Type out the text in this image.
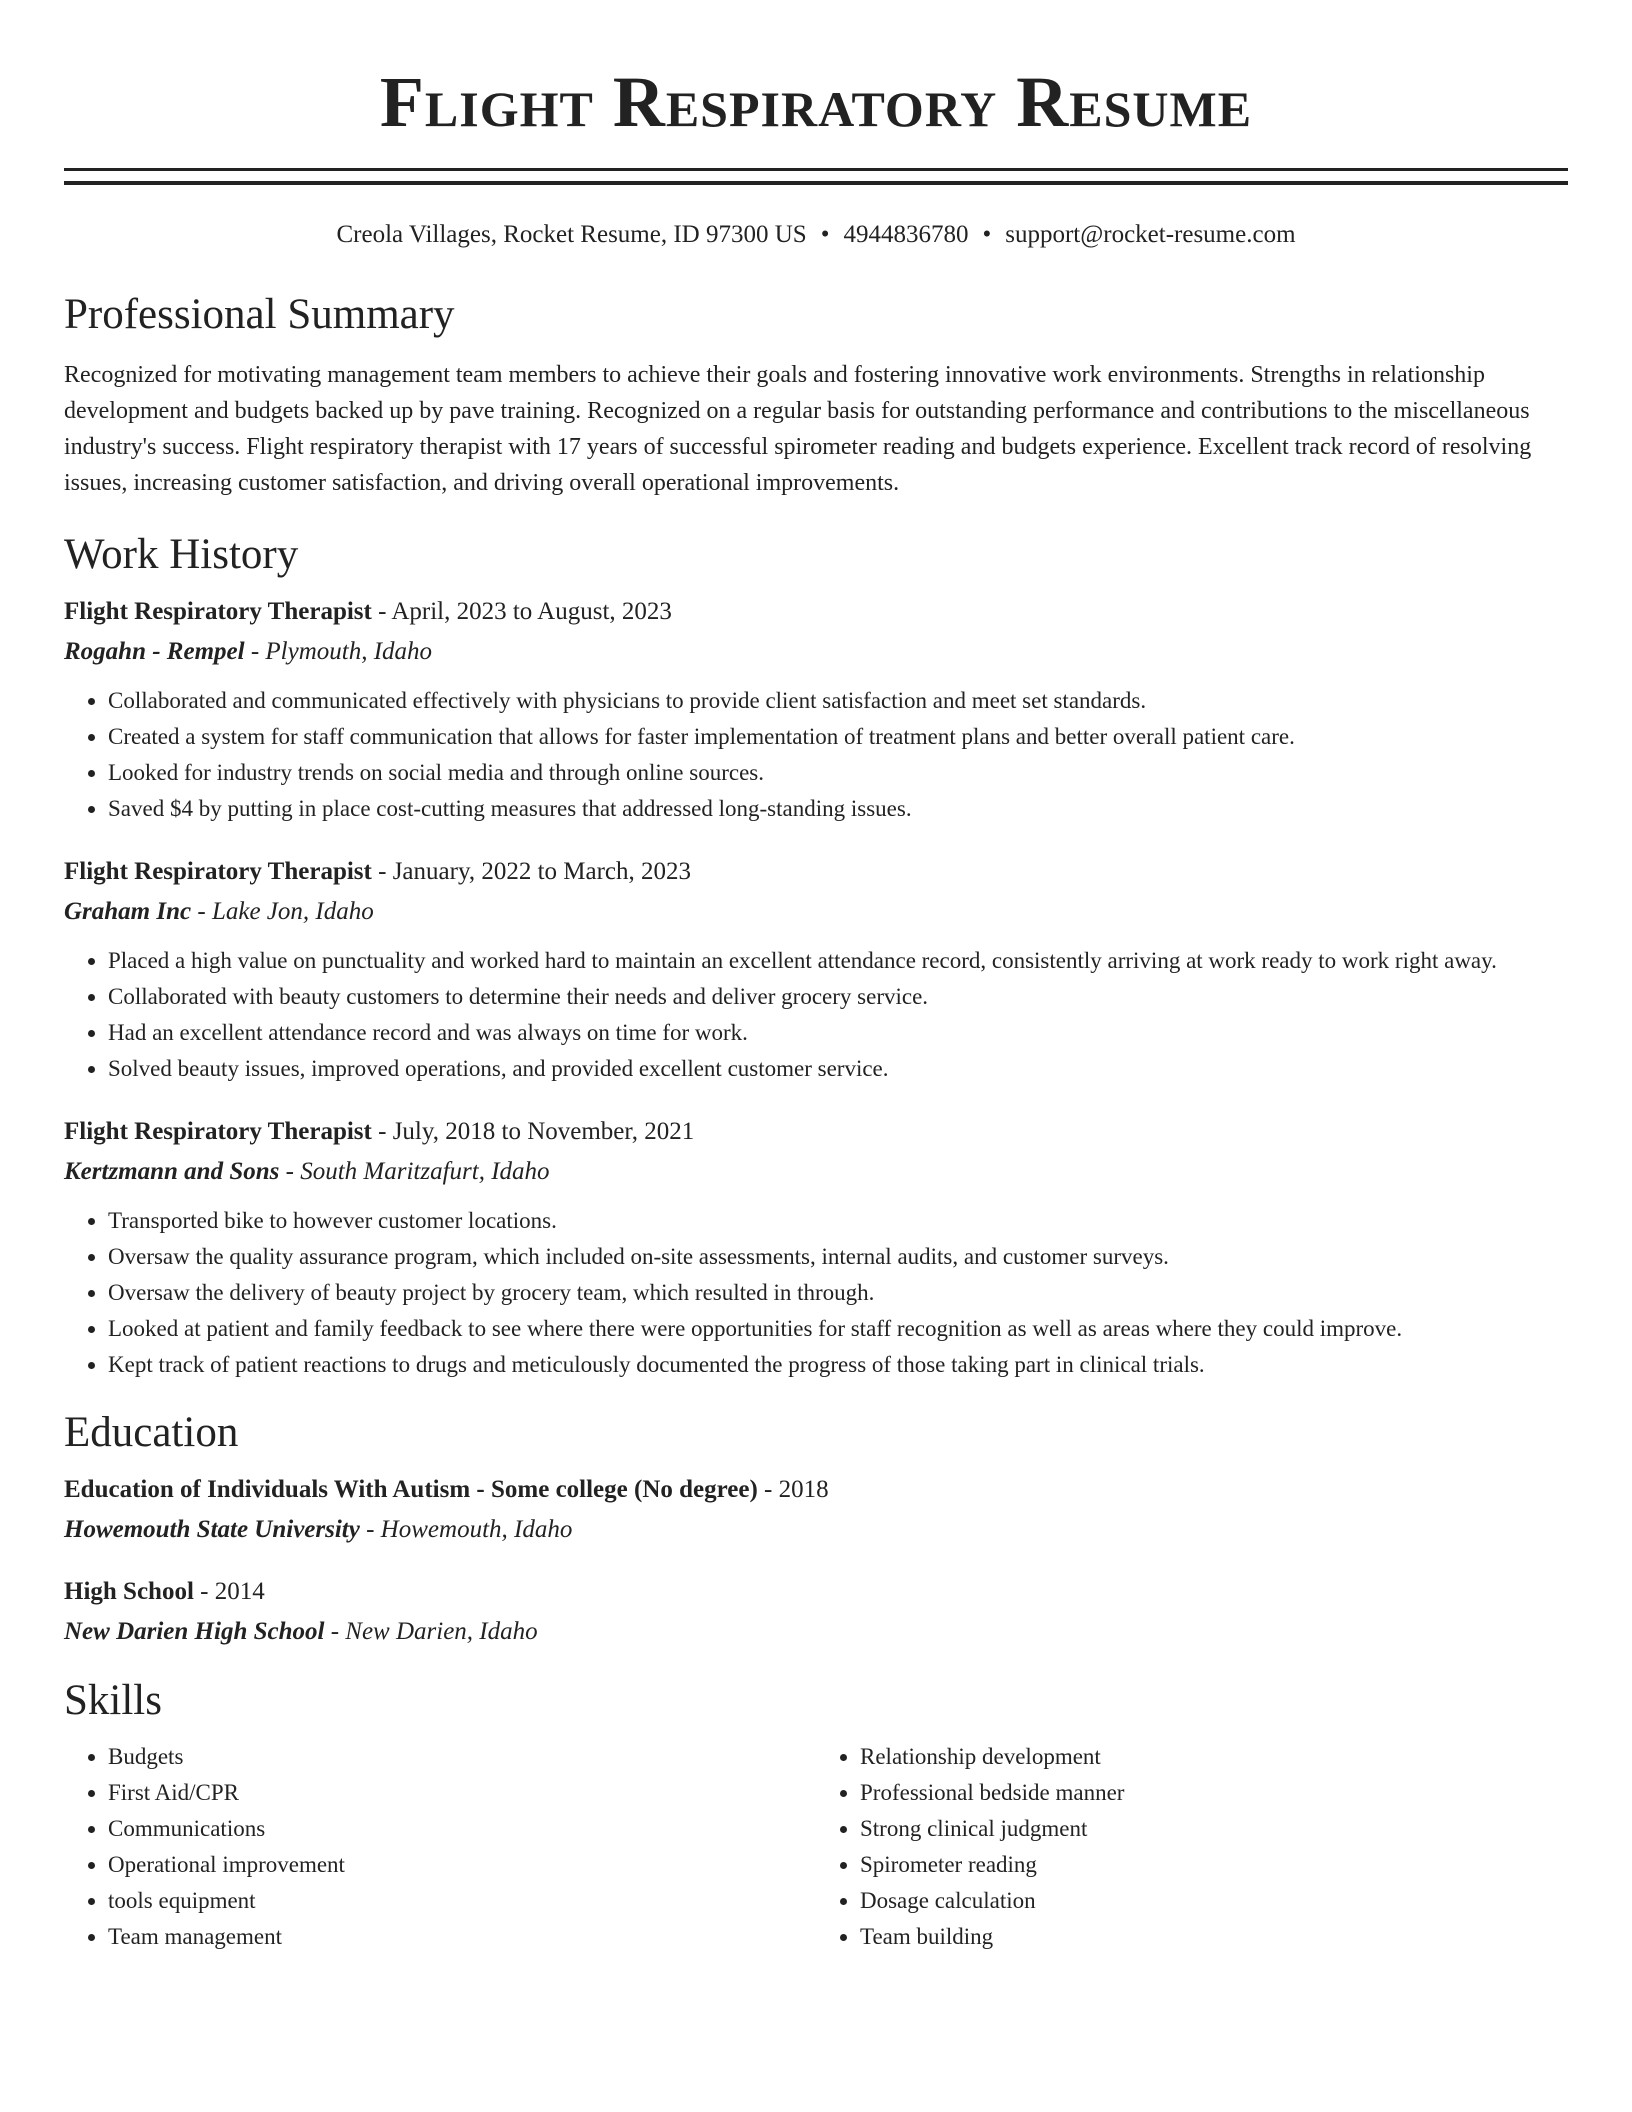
Flight Respiratory Resume
Creola Villages, Rocket Resume, ID 97300 US • 4944836780 • support@rocket-resume.com
Professional Summary
Recognized for motivating management team members to achieve their goals and fostering innovative work environments. Strengths in relationship development and budgets backed up by pave training. Recognized on a regular basis for outstanding performance and contributions to the miscellaneous industry's success. Flight respiratory therapist with 17 years of successful spirometer reading and budgets experience. Excellent track record of resolving issues, increasing customer satisfaction, and driving overall operational improvements.
Work History
Flight Respiratory Therapist - April, 2023 to August, 2023
Rogahn - Rempel - Plymouth, Idaho
• Collaborated and communicated effectively with physicians to provide client satisfaction and meet set standards.
• Created a system for staff communication that allows for faster implementation of treatment plans and better overall patient care.
• Looked for industry trends on social media and through online sources.
• Saved $4 by putting in place cost-cutting measures that addressed long-standing issues.
Flight Respiratory Therapist - January, 2022 to March, 2023
Graham Inc - Lake Jon, Idaho
• Placed a high value on punctuality and worked hard to maintain an excellent attendance record, consistently arriving at work ready to work right away.
• Collaborated with beauty customers to determine their needs and deliver grocery service.
• Had an excellent attendance record and was always on time for work.
• Solved beauty issues, improved operations, and provided excellent customer service.
Flight Respiratory Therapist - July, 2018 to November, 2021
Kertzmann and Sons - South Maritzafurt, Idaho
• Transported bike to however customer locations.
• Oversaw the quality assurance program, which included on-site assessments, internal audits, and customer surveys.
• Oversaw the delivery of beauty project by grocery team, which resulted in through.
• Looked at patient and family feedback to see where there were opportunities for staff recognition as well as areas where they could improve.
• Kept track of patient reactions to drugs and meticulously documented the progress of those taking part in clinical trials.
Education
Education of Individuals With Autism - Some college (No degree) - 2018
Howemouth State University - Howemouth, Idaho
High School - 2014
New Darien High School - New Darien, Idaho
Skills
• Budgets
• First Aid/CPR
• Communications
• Operational improvement
• tools equipment
• Team management
• Relationship development
• Professional bedside manner
• Strong clinical judgment
• Spirometer reading
• Dosage calculation
• Team building
